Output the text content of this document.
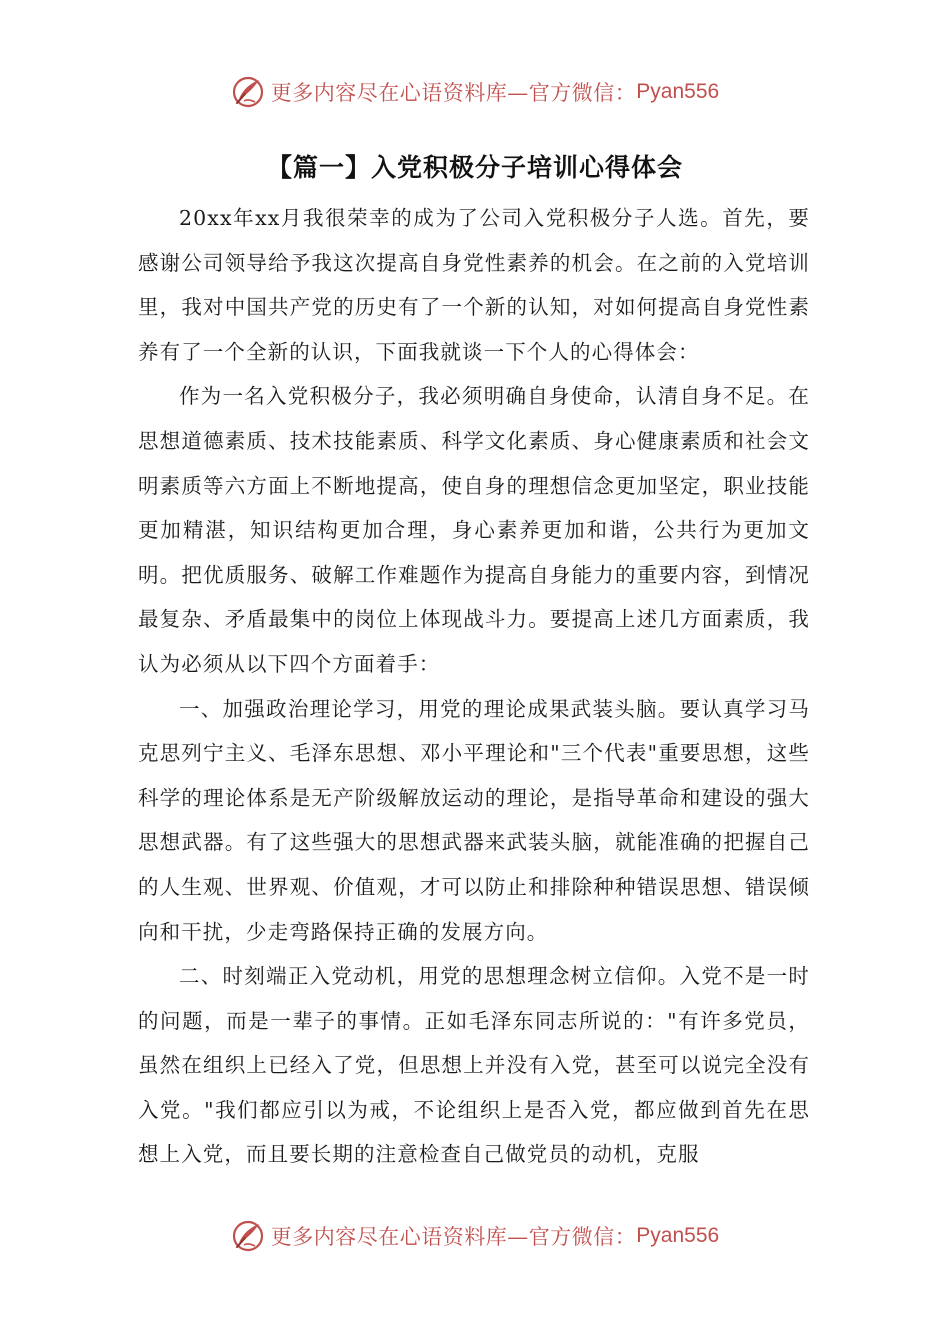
更多内容尽在心语资料库—官方微信： Pyan556
【篇一】入党积极分子培训心得体会

20xx年xx月我很荣幸的成为了公司入党积极分子人选。首先，要感谢公司领导给予我这次提高自身党性素养的机会。在之前的入党培训里，我对中国共产党的历史有了一个新的认知，对如何提高自身党性素养有了一个全新的认识，下面我就谈一下个人的心得体会：

作为一名入党积极分子，我必须明确自身使命，认清自身不足。在思想道德素质、技术技能素质、科学文化素质、身心健康素质和社会文明素质等六方面上不断地提高，使自身的理想信念更加坚定，职业技能更加精湛，知识结构更加合理，身心素养更加和谐，公共行为更加文明。把优质服务、破解工作难题作为提高自身能力的重要内容，到情况最复杂、矛盾最集中的岗位上体现战斗力。要提高上述几方面素质，我认为必须从以下四个方面着手：

一、加强政治理论学习，用党的理论成果武装头脑。要认真学习马克思列宁主义、毛泽东思想、邓小平理论和"三个代表"重要思想，这些科学的理论体系是无产阶级解放运动的理论，是指导革命和建设的强大思想武器。有了这些强大的思想武器来武装头脑，就能准确的把握自己的人生观、世界观、价值观，才可以防止和排除种种错误思想、错误倾向和干扰，少走弯路保持正确的发展方向。

二、时刻端正入党动机，用党的思想理念树立信仰。入党不是一时的问题，而是一辈子的事情。正如毛泽东同志所说的："有许多党员，虽然在组织上已经入了党，但思想上并没有入党，甚至可以说完全没有入党。"我们都应引以为戒，不论组织上是否入党，都应做到首先在思想上入党，而且要长期的注意检查自己做党员的动机，克服

更多内容尽在心语资料库—官方微信： Pyan556
